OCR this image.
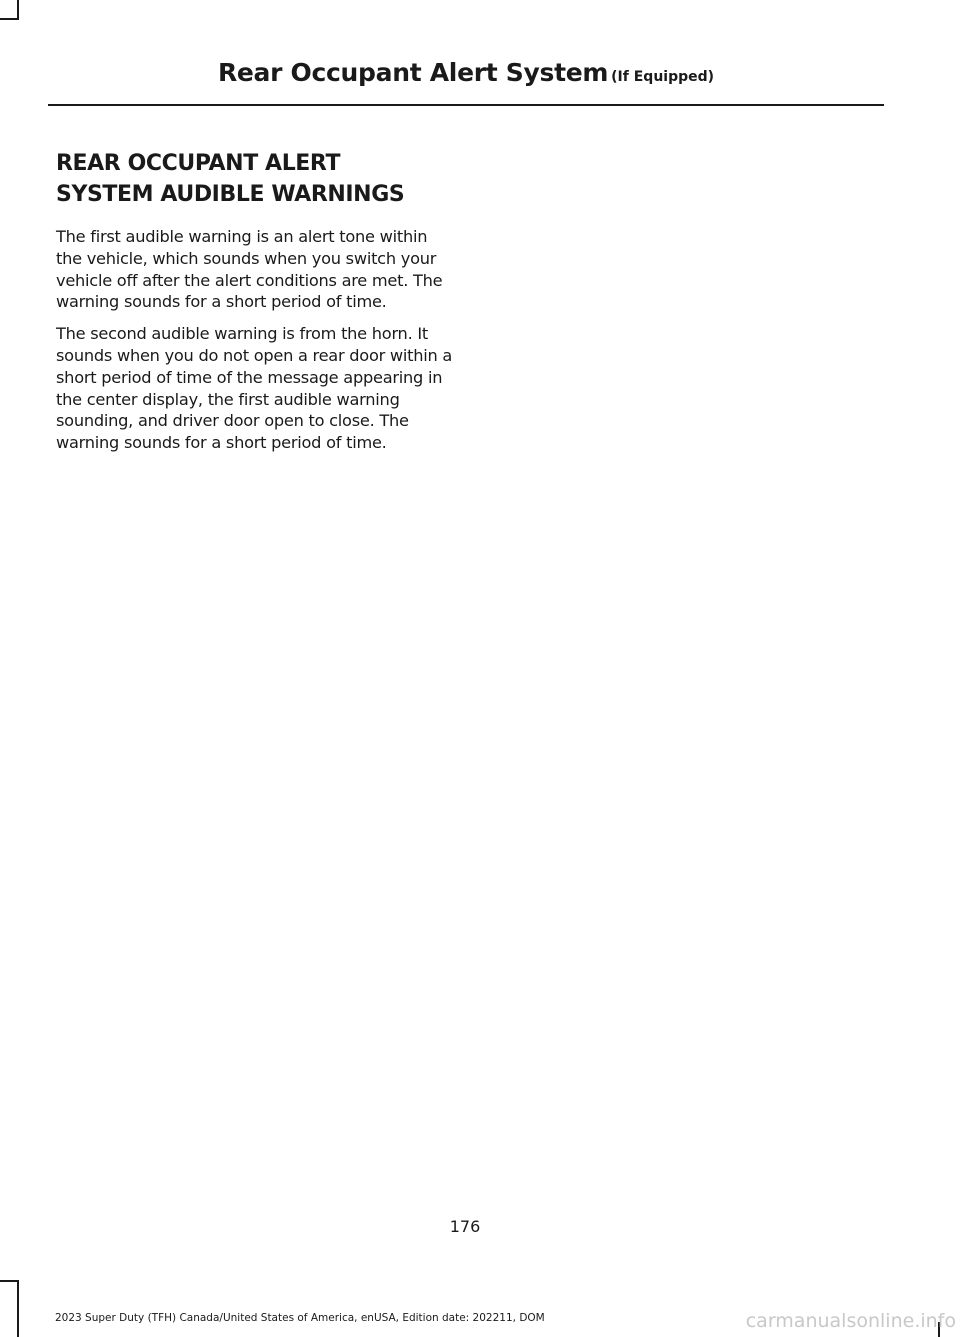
Rear Occupant Alert System (If Equipped)
REAR OCCUPANT ALERT
SYSTEM AUDIBLE WARNINGS

The first audible warning is an alert tone within the vehicle, which sounds when you switch your vehicle off after the alert conditions are met. The warning sounds for a short period of time.

The second audible warning is from the horn. It sounds when you do not open a rear door within a short period of time of the message appearing in the center display, the first audible warning sounding, and driver door open to close. The warning sounds for a short period of time.

176
2023 Super Duty (TFH) Canada/United States of America, enUSA, Edition date: 202211, DOM	carmanualsonline.info
